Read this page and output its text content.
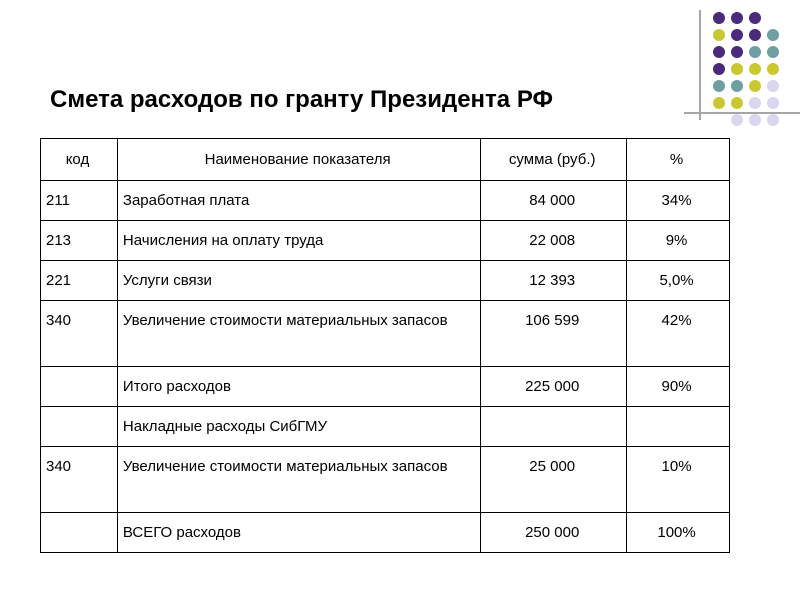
Смета расходов по гранту Президента РФ
код	Наименование показателя	сумма (руб.)	%
211	Заработная плата	84 000	34%
213	Начисления на оплату труда	22 008	9%
221	Услуги связи	12 393	5,0%
340	Увеличение стоимости материальных запасов	106 599	42%
	Итого расходов	225 000	90%
	Накладные расходы СибГМУ		
340	Увеличение стоимости материальных запасов	25 000	10%
	ВСЕГО расходов	250 000	100%
